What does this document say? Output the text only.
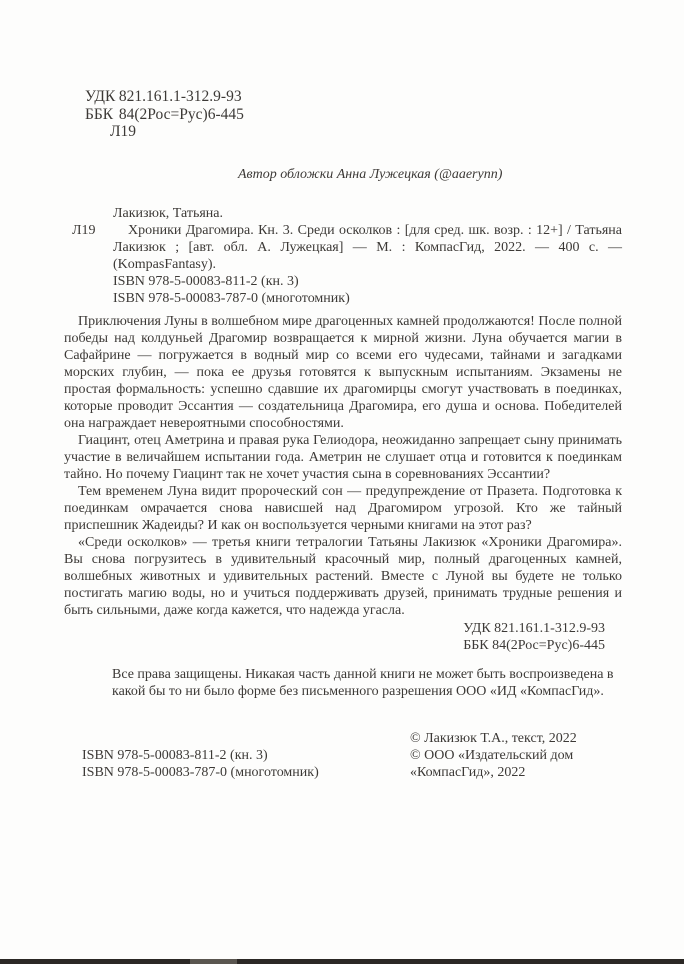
УДК 821.161.1-312.9-93
ББК 84(2Рос=Рус)6-445
Л19
Автор обложки Анна Лужецкая (@aaerynn)
Лакизюк, Татьяна.
Л19 Хроники Драгомира. Кн. 3. Среди осколков : [для сред. шк. возр. : 12+] / Татьяна Лакизюк ; [авт. обл. А. Лужецкая] — М. : КомпасГид, 2022. — 400 с. — (KompasFantasy).
ISBN 978-5-00083-811-2 (кн. 3)
ISBN 978-5-00083-787-0 (многотомник)

Приключения Луны в волшебном мире драгоценных камней продолжаются! После полной победы над колдуньей Драгомир возвращается к мирной жизни. Луна обучается магии в Сафайрине — погружается в водный мир со всеми его чудесами, тайнами и загадками морских глубин, — пока ее друзья готовятся к выпускным испытаниям. Экзамены не простая формальность: успешно сдавшие их драгомирцы смогут участвовать в поединках, которые проводит Эссантия — создательница Драгомира, его душа и основа. Победителей она награждает невероятными способностями.

Гиацинт, отец Аметрина и правая рука Гелиодора, неожиданно запрещает сыну принимать участие в величайшем испытании года. Аметрин не слушает отца и готовится к поединкам тайно. Но почему Гиацинт так не хочет участия сына в соревнованиях Эссантии?

Тем временем Луна видит пророческий сон — предупреждение от Празета. Подготовка к поединкам омрачается снова нависшей над Драгомиром угрозой. Кто же тайный приспешник Жадеиды? И как он воспользуется черными книгами на этот раз?

«Среди осколков» — третья книги тетралогии Татьяны Лакизюк «Хроники Драгомира». Вы снова погрузитесь в удивительный красочный мир, полный драгоценных камней, волшебных животных и удивительных растений. Вместе с Луной вы будете не только постигать магию воды, но и учиться поддерживать друзей, принимать трудные решения и быть сильными, даже когда кажется, что надежда угасла.

УДК 821.161.1-312.9-93
ББК 84(2Рос=Рус)6-445
Все права защищены. Никакая часть данной книги не может быть воспроизведена в какой бы то ни было форме без письменного разрешения ООО «ИД «КомпасГид».
ISBN 978-5-00083-811-2 (кн. 3)
ISBN 978-5-00083-787-0 (многотомник)
© Лакизюк Т.А., текст, 2022
© ООО «Издательский дом
«КомпасГид», 2022
